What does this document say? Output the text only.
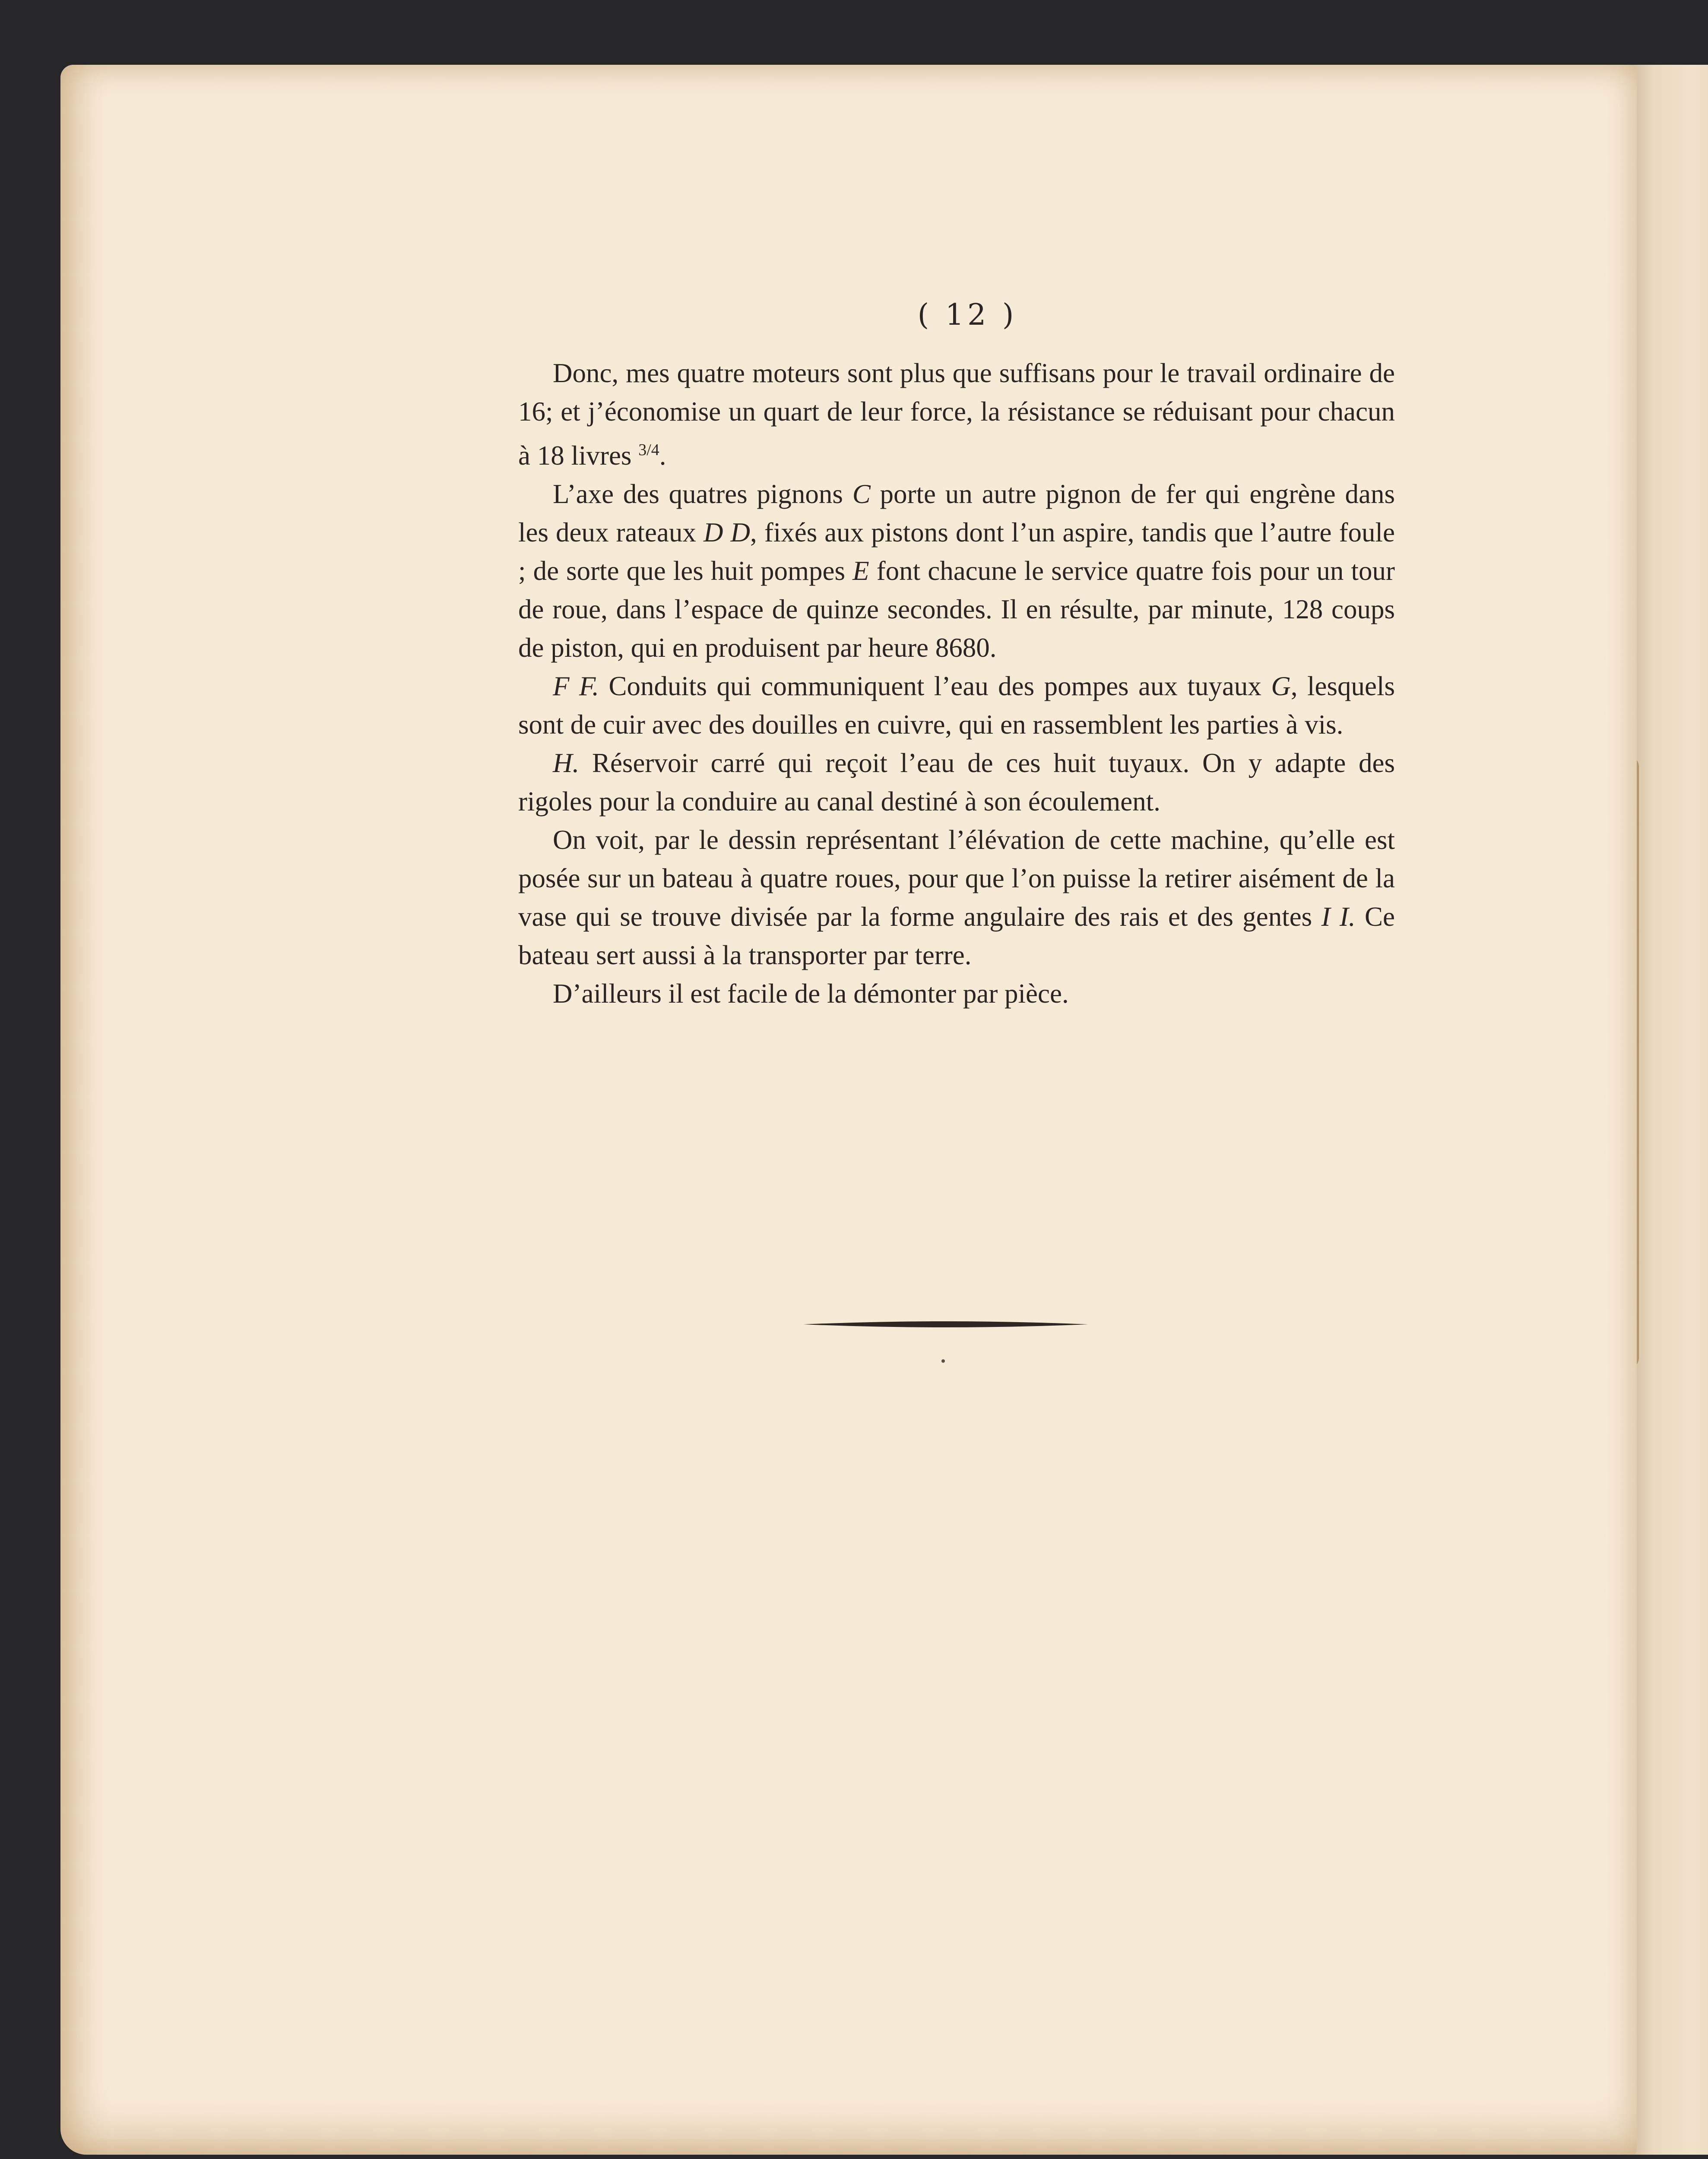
( 12 )

Donc, mes quatre moteurs sont plus que suffisans pour le travail ordinaire de 16; et j’économise un quart de leur force, la résistance se réduisant pour chacun à 18 livres $^{3/4}$.

L’axe des quatres pignons C porte un autre pignon de fer qui engrène dans les deux rateaux D D, fixés aux pistons dont l’un aspire, tandis que l’autre foule ; de sorte que les huit pompes E font chacune le service quatre fois pour un tour de roue, dans l’espace de quinze secondes. Il en résulte, par minute, 128 coups de piston, qui en produisent par heure 8680.

F F. Conduits qui communiquent l’eau des pompes aux tuyaux G, lesquels sont de cuir avec des douilles en cuivre, qui en rassemblent les parties à vis.

H. Réservoir carré qui reçoit l’eau de ces huit tuyaux. On y adapte des rigoles pour la conduire au canal destiné à son écoulement.

On voit, par le dessin représentant l’élévation de cette machine, qu’elle est posée sur un bateau à quatre roues, pour que l’on puisse la retirer aisément de la vase qui se trouve divisée par la forme angulaire des rais et des gentes I I. Ce bateau sert aussi à la transporter par terre.

D’ailleurs il est facile de la démonter par pièce.
